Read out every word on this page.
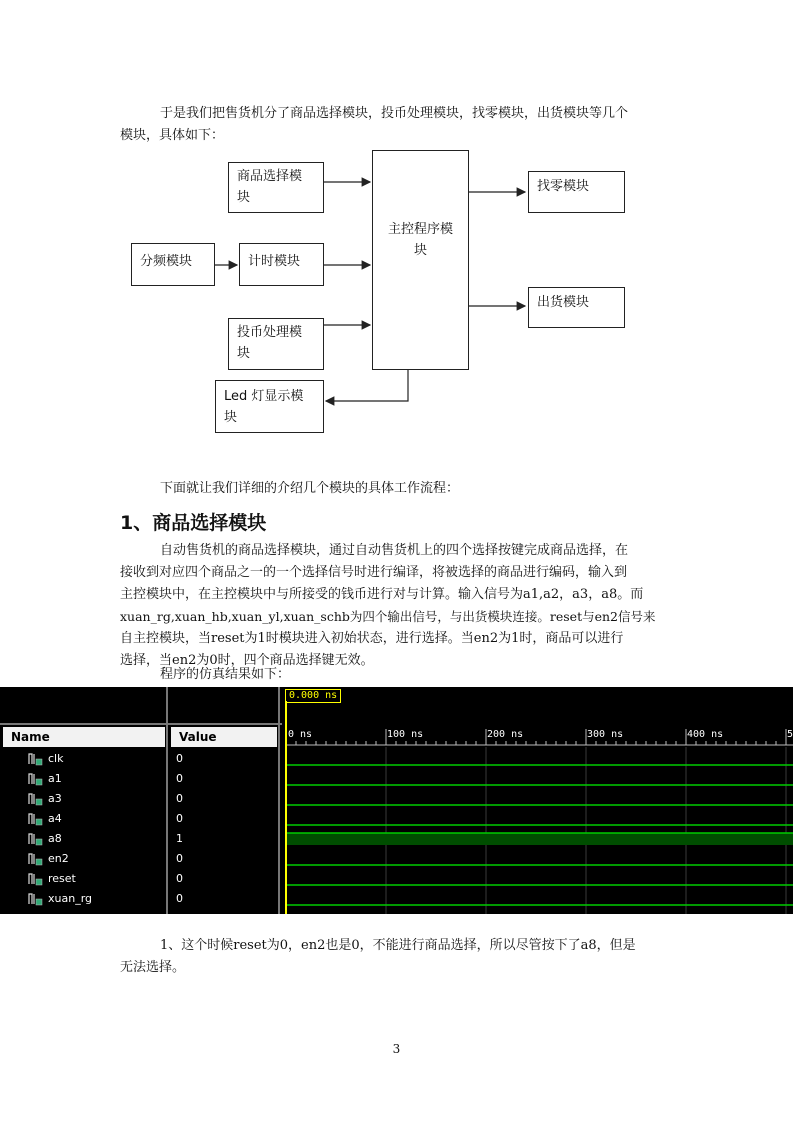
于是我们把售货机分了商品选择模块，投币处理模块，找零模块，出货模块等几个

模块，具体如下：

商品选择模
块
分频模块	计时模块
投币处理模
块
Led 灯显示模
块
主控程序模
块
找零模块
出货模块

下面就让我们详细的介绍几个模块的具体工作流程：

1、商品选择模块

自动售货机的商品选择模块，通过自动售货机上的四个选择按键完成商品选择，在

接收到对应四个商品之一的一个选择信号时进行编译，将被选择的商品进行编码，输入到

主控模块中，在主控模块中与所接受的钱币进行对与计算。输入信号为a1,a2，a3，a8。而

xuan_rg,xuan_hb,xuan_yl,xuan_schb为四个输出信号，与出货模块连接。reset与en2信号来

自主控模块，当reset为1时模块进入初始状态，进行选择。当en2为1时，商品可以进行

选择，当en2为0时，四个商品选择键无效。

程序的仿真结果如下：

Name	Value
0.000 ns
0 ns	100 ns	200 ns	300 ns	400 ns	5
clk	0
a1	0
a3	0
a4	0
a8	1
en2	0
reset	0
xuan_rg	0

1、这个时候reset为0，en2也是0，不能进行商品选择，所以尽管按下了a8，但是

无法选择。

3
